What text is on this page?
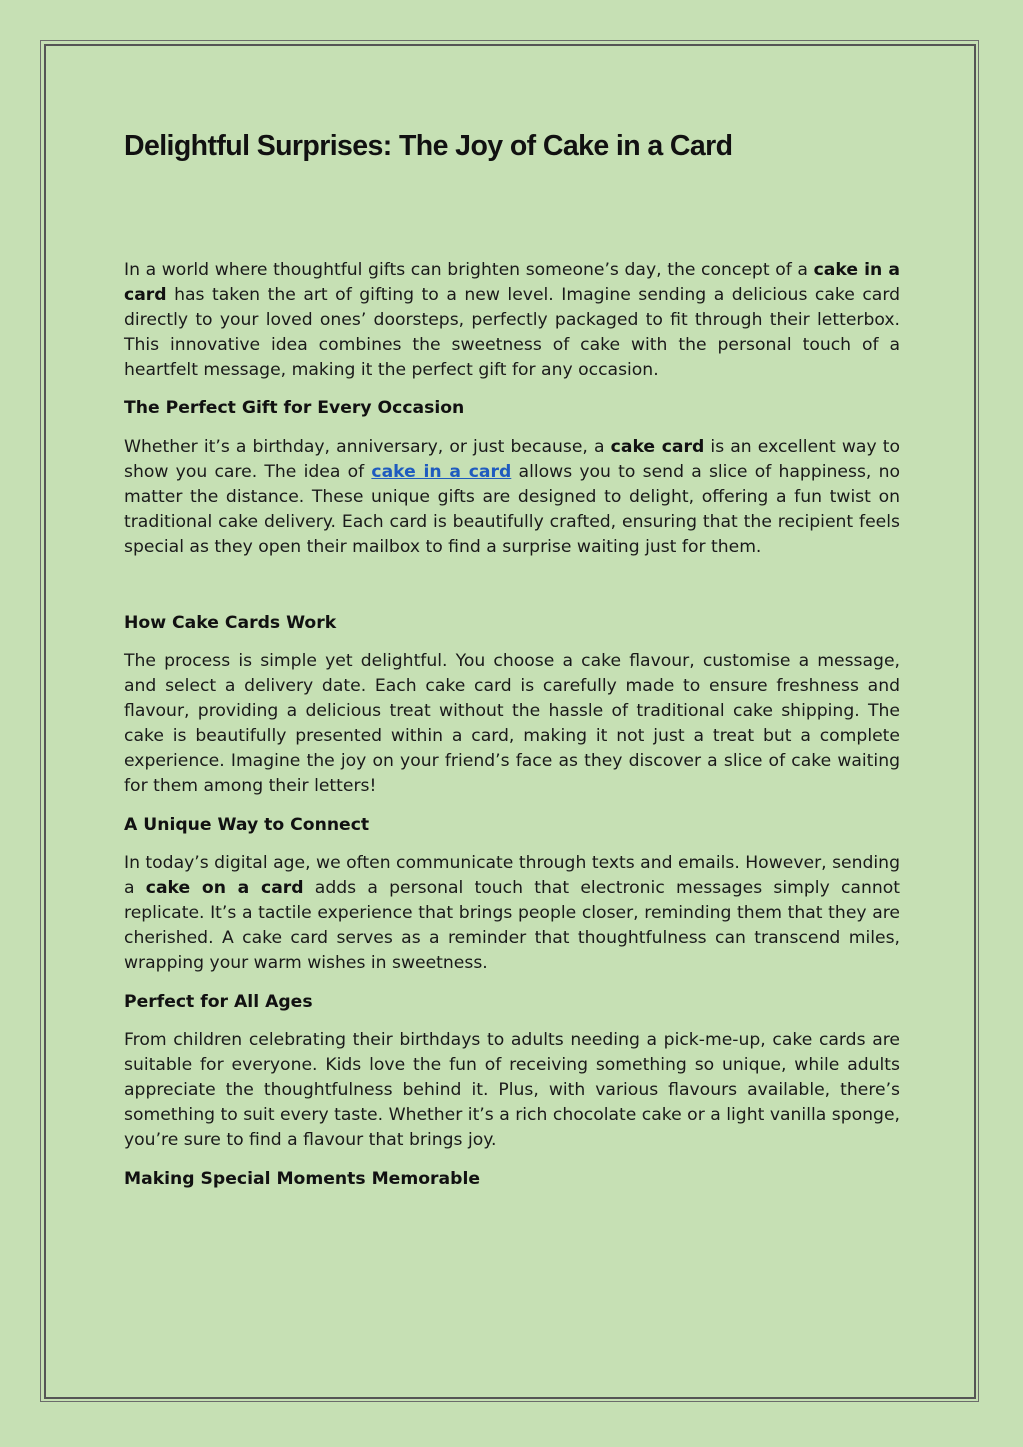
Delightful Surprises: The Joy of Cake in a Card

In a world where thoughtful gifts can brighten someone’s day, the concept of a cake in a card has taken the art of gifting to a new level. Imagine sending a delicious cake card directly to your loved ones’ doorsteps, perfectly packaged to fit through their letterbox. This innovative idea combines the sweetness of cake with the personal touch of a heartfelt message, making it the perfect gift for any occasion.

The Perfect Gift for Every Occasion

Whether it’s a birthday, anniversary, or just because, a cake card is an excellent way to show you care. The idea of cake in a card allows you to send a slice of happiness, no matter the distance. These unique gifts are designed to delight, offering a fun twist on traditional cake delivery. Each card is beautifully crafted, ensuring that the recipient feels special as they open their mailbox to find a surprise waiting just for them.

How Cake Cards Work

The process is simple yet delightful. You choose a cake flavour, customise a message, and select a delivery date. Each cake card is carefully made to ensure freshness and flavour, providing a delicious treat without the hassle of traditional cake shipping. The cake is beautifully presented within a card, making it not just a treat but a complete experience. Imagine the joy on your friend’s face as they discover a slice of cake waiting for them among their letters!

A Unique Way to Connect

In today’s digital age, we often communicate through texts and emails. However, sending a cake on a card adds a personal touch that electronic messages simply cannot replicate. It’s a tactile experience that brings people closer, reminding them that they are cherished. A cake card serves as a reminder that thoughtfulness can transcend miles, wrapping your warm wishes in sweetness.

Perfect for All Ages

From children celebrating their birthdays to adults needing a pick-me-up, cake cards are suitable for everyone. Kids love the fun of receiving something so unique, while adults appreciate the thoughtfulness behind it. Plus, with various flavours available, there’s something to suit every taste. Whether it’s a rich chocolate cake or a light vanilla sponge, you’re sure to find a flavour that brings joy.

Making Special Moments Memorable
